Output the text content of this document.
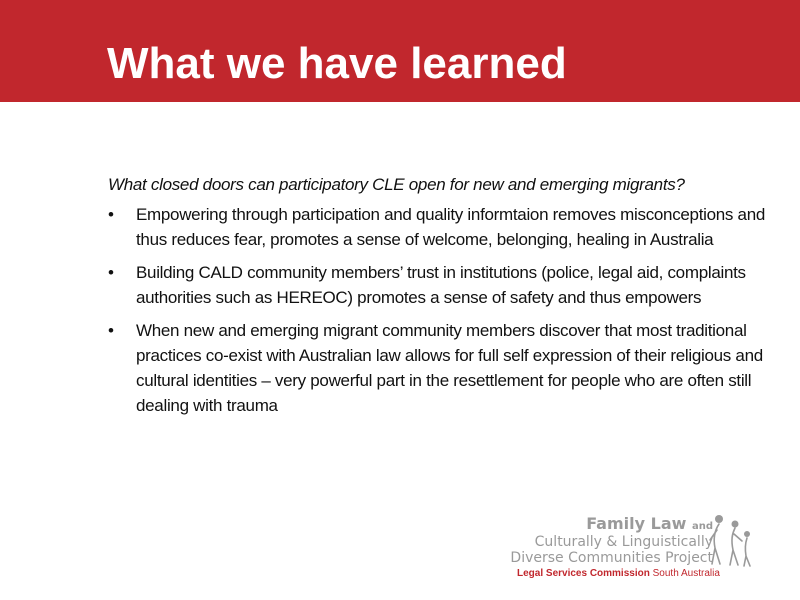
What we have learned

What closed doors can participatory CLE open for new and emerging migrants?

• Empowering through participation and quality informtaion removes misconceptions and thus reduces fear, promotes a sense of welcome, belonging, healing in Australia
• Building CALD community members’ trust in institutions (police, legal aid, complaints authorities such as HEREOC) promotes a sense of safety and thus empowers
• When new and emerging migrant community members discover that most traditional practices co-exist with Australian law allows for full self expression of their religious and cultural identities – very powerful part in the resettlement for people who are often still dealing with trauma
Family Law and
Culturally & Linguistically
Diverse Communities Project
Legal Services Commission South Australia
